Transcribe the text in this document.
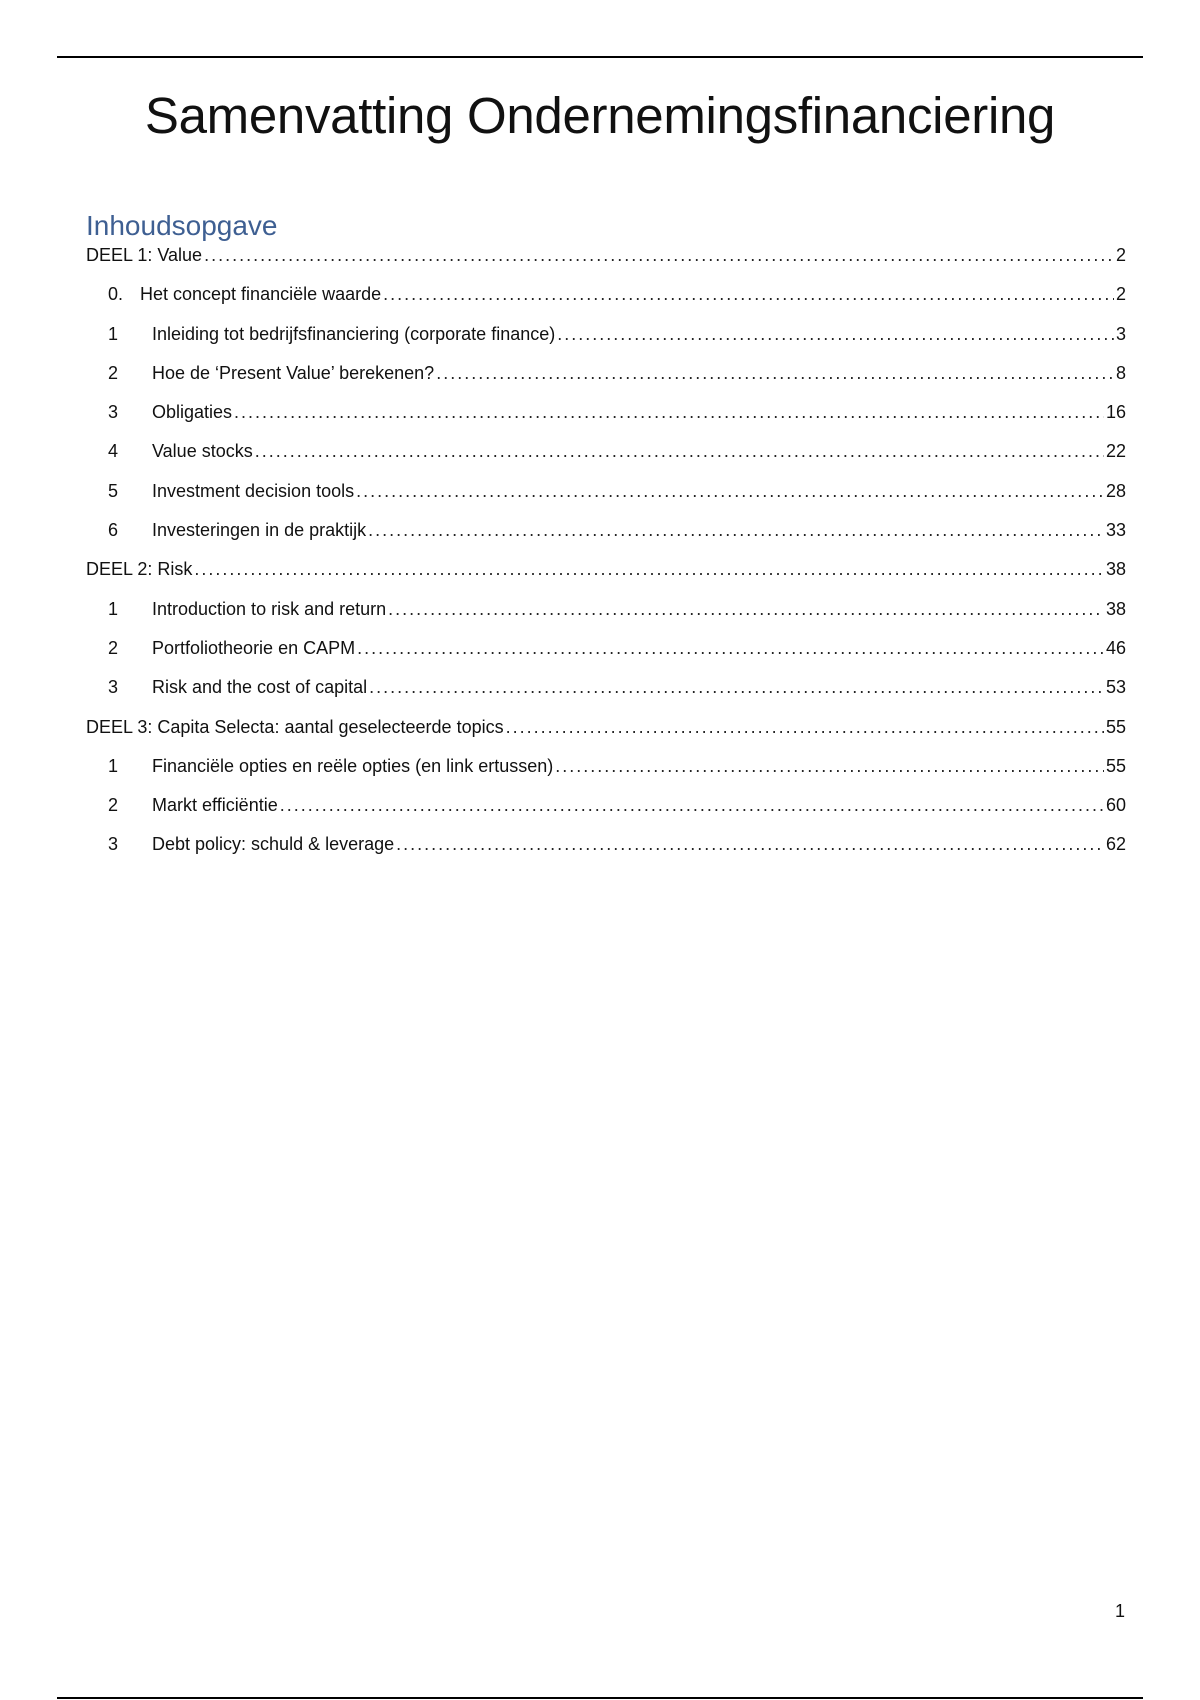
Samenvatting Ondernemingsfinanciering
Inhoudsopgave
DEEL 1: Value . . .	2
0. Het concept financiële waarde . . .	2
1	Inleiding tot bedrijfsfinanciering (corporate finance) . . .	3
2	Hoe de ‘Present Value’ berekenen? . . .	8
3	Obligaties . . .	16
4	Value stocks . . .	22
5	Investment decision tools . . .	28
6	Investeringen in de praktijk . . .	33
DEEL 2: Risk . . .	38
1	Introduction to risk and return . . .	38
2	Portfoliotheorie en CAPM . . .	46
3	Risk and the cost of capital . . .	53
DEEL 3: Capita Selecta: aantal geselecteerde topics . . .	55
1	Financiële opties en reële opties (en link ertussen) . . .	55
2	Markt efficiëntie . . .	60
3	Debt policy: schuld & leverage . . .	62
1
